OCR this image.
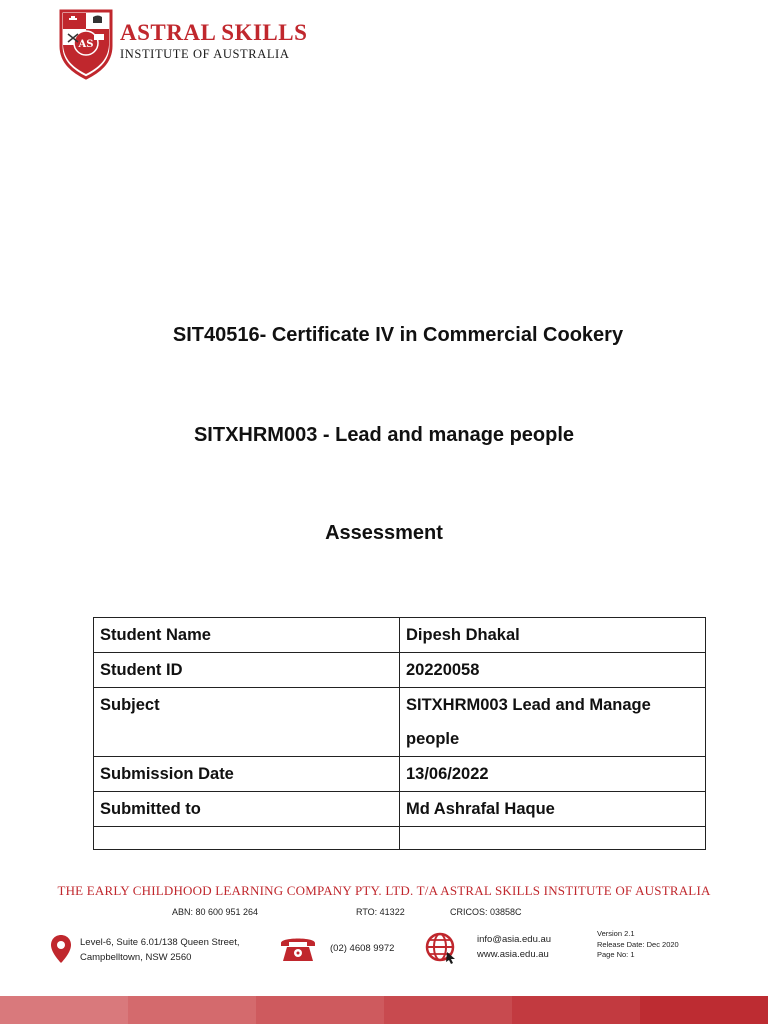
AS ASTRAL SKILLS
INSTITUTE OF AUSTRALIA
SIT40516- Certificate IV in Commercial Cookery
SITXHRM003 - Lead and manage people
Assessment
Student Name	Dipesh Dhakal
Student ID	20220058
Subject	SITXHRM003 Lead and Manage people
Submission Date	13/06/2022
Submitted to	Md Ashrafal Haque

THE EARLY CHILDHOOD LEARNING COMPANY PTY. LTD. T/A ASTRAL SKILLS INSTITUTE OF AUSTRALIA
ABN: 80 600 951 264	RTO: 41322	CRICOS: 03858C
Level-6, Suite 6.01/138 Queen Street,
Campbelltown, NSW 2560
(02) 4608 9972
info@asia.edu.au
www.asia.edu.au
Version 2.1
Release Date: Dec 2020
Page No: 1
